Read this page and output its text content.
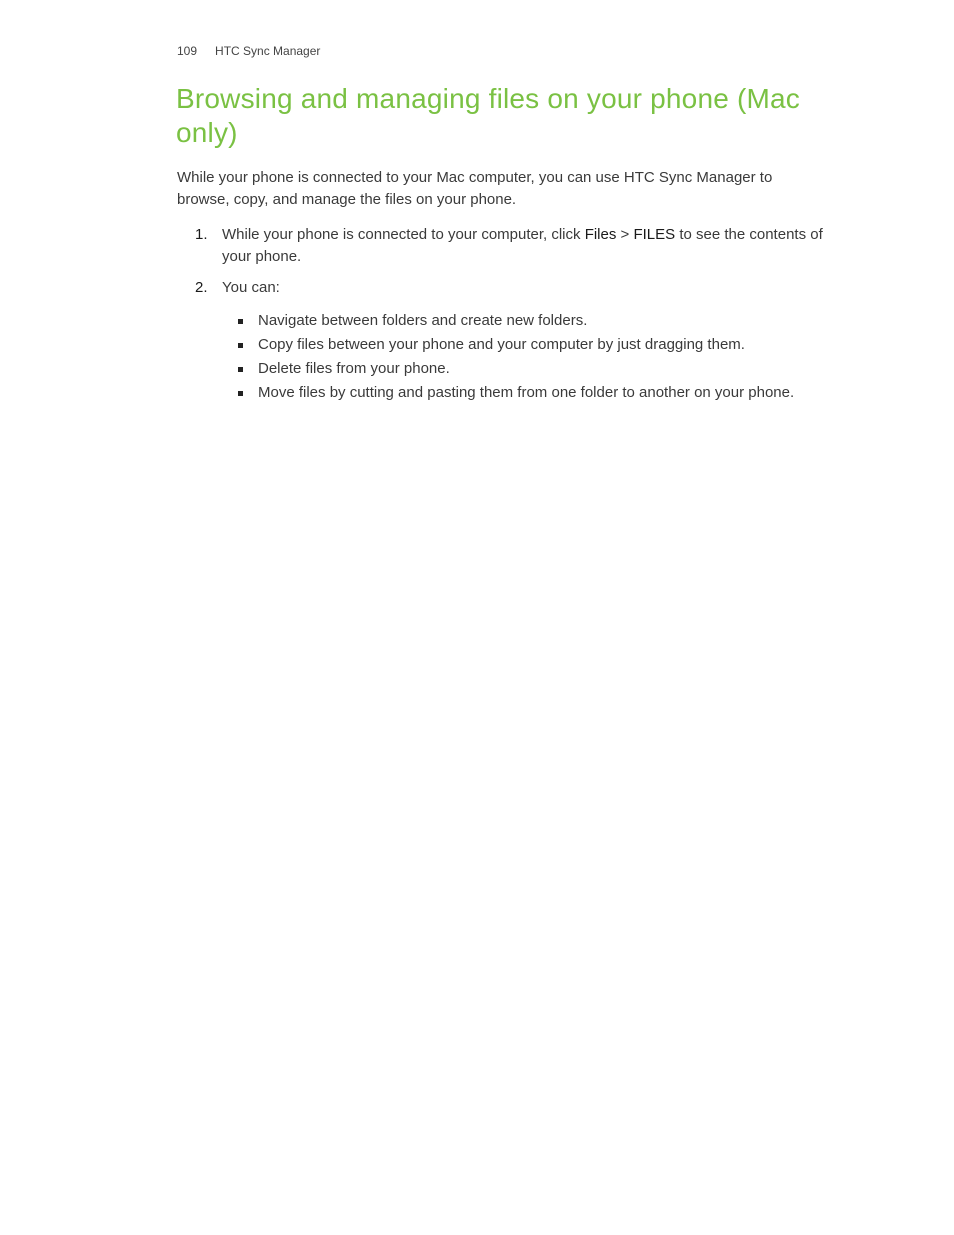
109 HTC Sync Manager
Browsing and managing files on your phone (Mac only)

While your phone is connected to your Mac computer, you can use HTC Sync Manager to browse, copy, and manage the files on your phone.

1. While your phone is connected to your computer, click Files > FILES to see the contents of your phone.
2. You can:
Navigate between folders and create new folders.
Copy files between your phone and your computer by just dragging them.
Delete files from your phone.
Move files by cutting and pasting them from one folder to another on your phone.
